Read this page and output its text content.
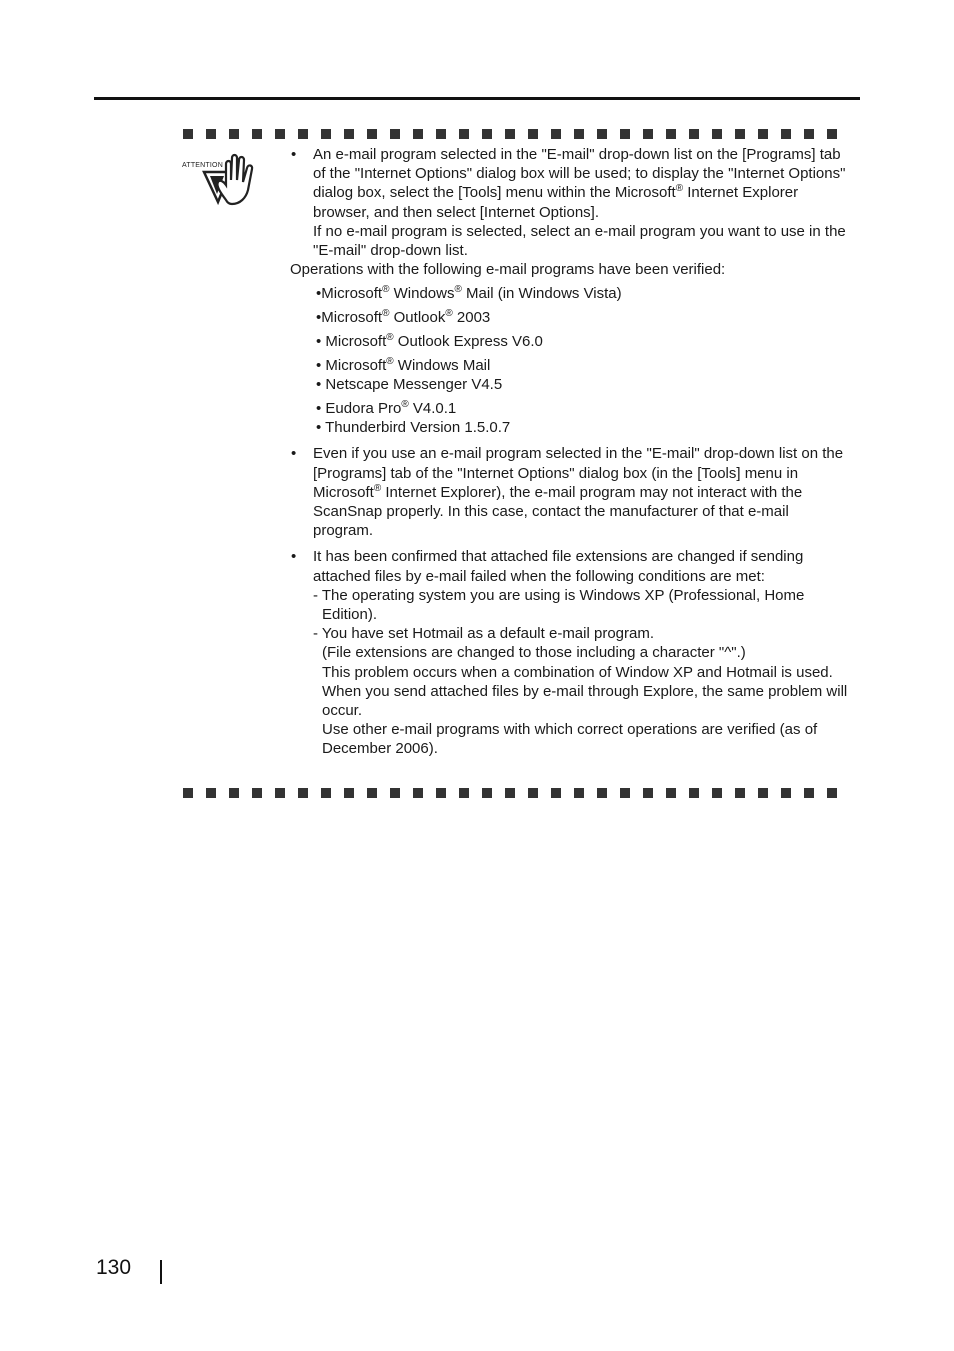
ATTENTION
• An e-mail program selected in the "E-mail" drop-down list on the [Programs] tab of the "Internet Options" dialog box will be used; to display the "Internet Options" dialog box, select the [Tools] menu within the Microsoft® Internet Explorer browser, and then select [Internet Options].
If no e-mail program is selected, select an e-mail program you want to use in the "E-mail" drop-down list.
Operations with the following e-mail programs have been verified:
•Microsoft® Windows® Mail (in Windows Vista)
•Microsoft® Outlook® 2003
• Microsoft® Outlook Express V6.0
• Microsoft® Windows Mail
• Netscape Messenger V4.5
• Eudora Pro® V4.0.1
• Thunderbird Version 1.5.0.7
• Even if you use an e-mail program selected in the "E-mail" drop-down list on the [Programs] tab of the "Internet Options" dialog box (in the [Tools] menu in Microsoft® Internet Explorer), the e-mail program may not interact with the ScanSnap properly. In this case, contact the manufacturer of that e-mail program.
• It has been confirmed that attached file extensions are changed if sending attached files by e-mail failed when the following conditions are met:
- The operating system you are using is Windows XP (Professional, Home Edition).
- You have set Hotmail as a default e-mail program.
(File extensions are changed to those including a character "^".)
This problem occurs when a combination of Window XP and Hotmail is used. When you send attached files by e-mail through Explore, the same problem will occur.
Use other e-mail programs with which correct operations are verified (as of December 2006).
130
